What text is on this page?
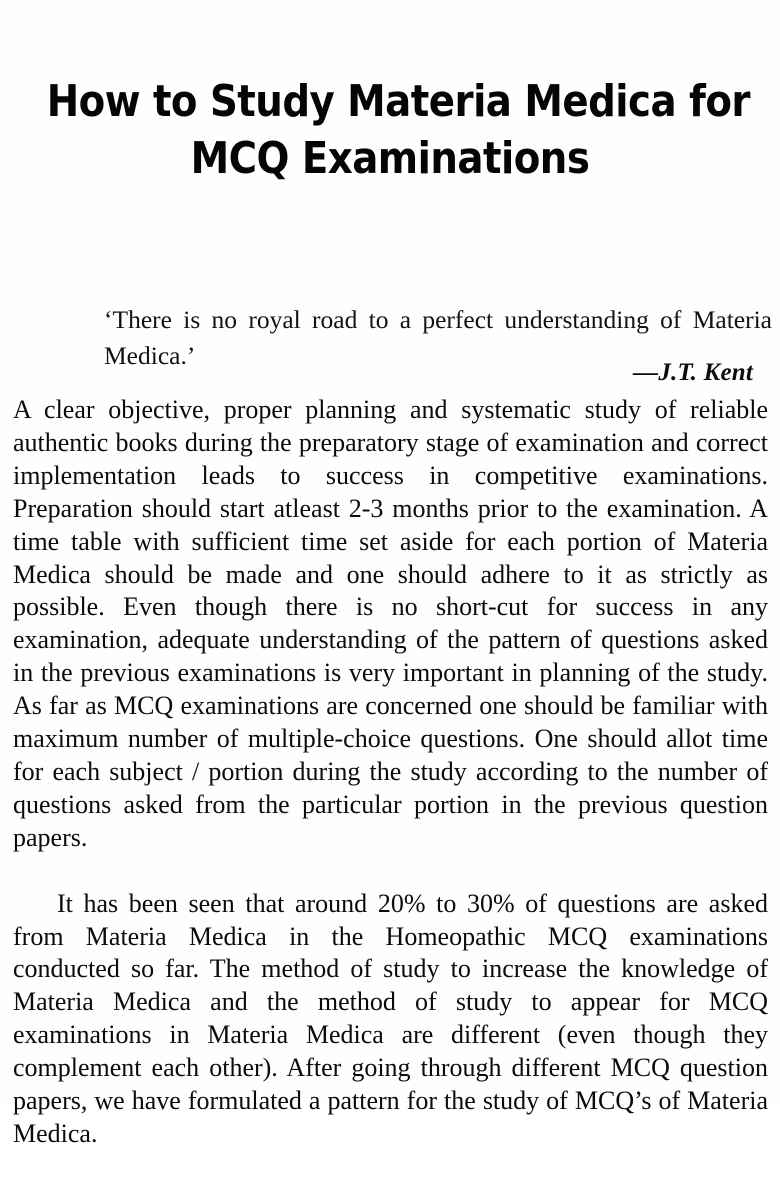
How to Study Materia Medica for
MCQ Examinations
‘There is no royal road to a perfect understanding of Materia Medica.’
—J.T. Kent

A clear objective, proper planning and systematic study of reliable authentic books during the preparatory stage of examination and correct implementation leads to success in competitive examinations. Preparation should start atleast 2-3 months prior to the examination. A time table with sufficient time set aside for each portion of Materia Medica should be made and one should adhere to it as strictly as possible. Even though there is no short-cut for success in any examination, adequate understanding of the pattern of questions asked in the previous examinations is very important in planning of the study. As far as MCQ examinations are concerned one should be familiar with maximum number of multiple-choice questions. One should allot time for each subject / portion during the study according to the number of questions asked from the particular portion in the previous question papers.

It has been seen that around 20% to 30% of questions are asked from Materia Medica in the Homeopathic MCQ examinations conducted so far. The method of study to increase the knowledge of Materia Medica and the method of study to appear for MCQ examinations in Materia Medica are different (even though they complement each other). After going through different MCQ question papers, we have formulated a pattern for the study of MCQ’s of Materia Medica.
